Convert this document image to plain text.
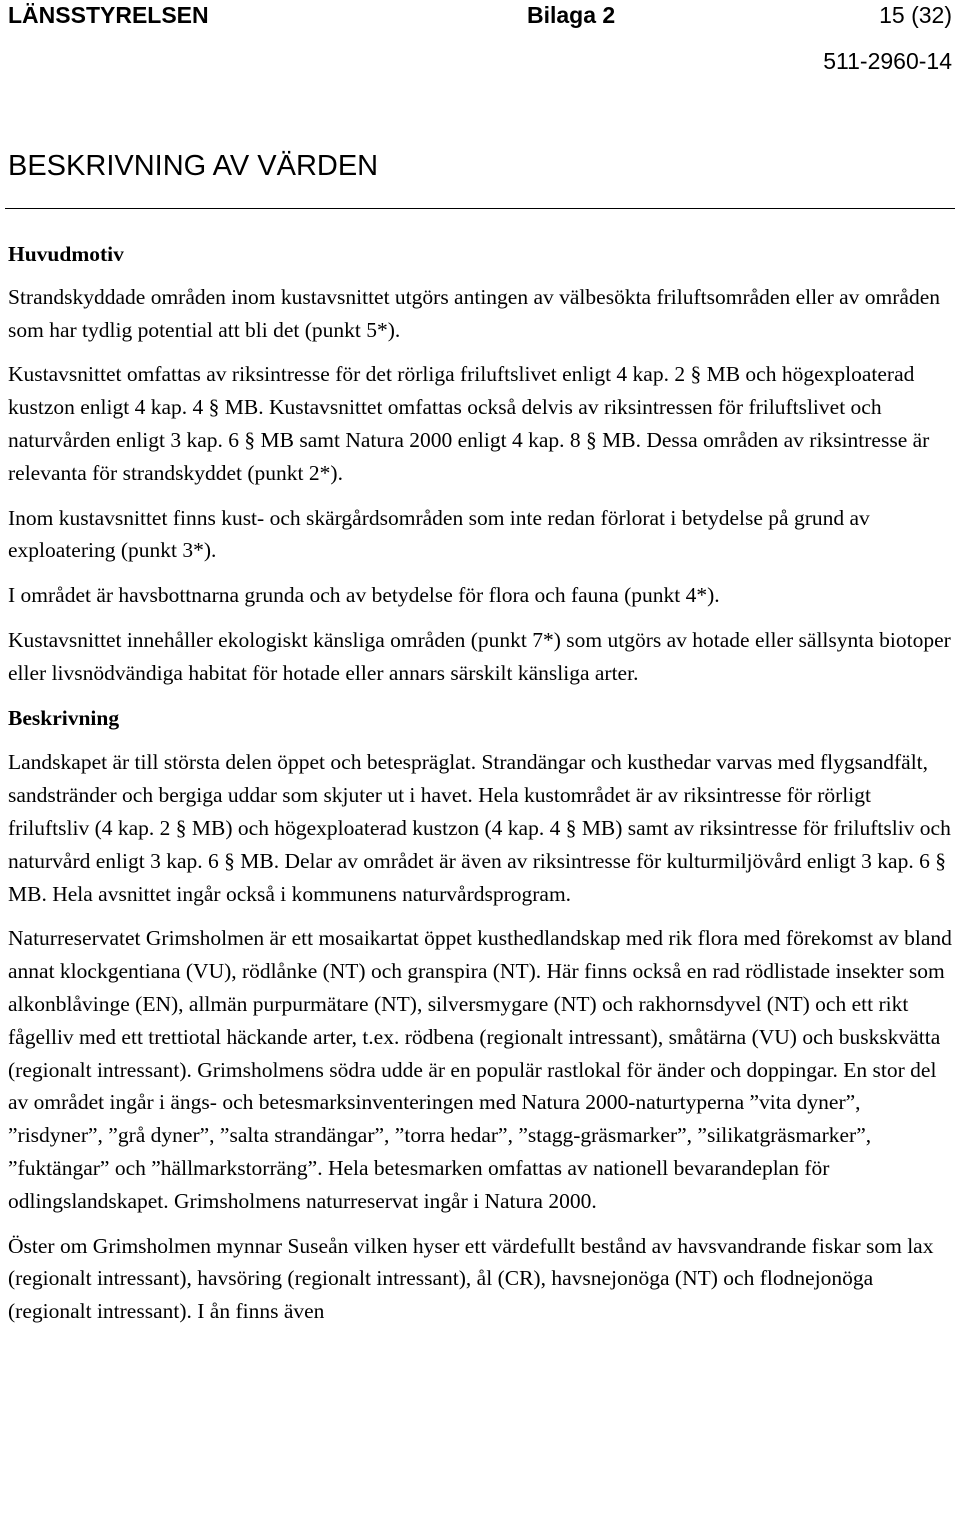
LÄNSSTYRELSEN	Bilaga 2	15 (32)
511-2960-14
BESKRIVNING AV VÄRDEN
Huvudmotiv

Strandskyddade områden inom kustavsnittet utgörs antingen av välbesökta friluftsområden eller av områden som har tydlig potential att bli det (punkt 5*).

Kustavsnittet omfattas av riksintresse för det rörliga friluftslivet enligt 4 kap. 2 § MB och högexploaterad kustzon enligt 4 kap. 4 § MB. Kustavsnittet omfattas också delvis av riksintressen för friluftslivet och naturvården enligt 3 kap. 6 § MB samt Natura 2000 enligt 4 kap. 8 § MB. Dessa områden av riksintresse är relevanta för strandskyddet (punkt 2*).

Inom kustavsnittet finns kust- och skärgårdsområden som inte redan förlorat i betydelse på grund av exploatering (punkt 3*).

I området är havsbottnarna grunda och av betydelse för flora och fauna (punkt 4*).

Kustavsnittet innehåller ekologiskt känsliga områden (punkt 7*) som utgörs av hotade eller sällsynta biotoper eller livsnödvändiga habitat för hotade eller annars särskilt känsliga arter.

Beskrivning

Landskapet är till största delen öppet och betespräglat. Strandängar och kusthedar varvas med flygsandfält, sandstränder och bergiga uddar som skjuter ut i havet. Hela kustområdet är av riksintresse för rörligt friluftsliv (4 kap. 2 § MB) och högexploaterad kustzon (4 kap. 4 § MB) samt av riksintresse för friluftsliv och naturvård enligt 3 kap. 6 § MB. Delar av området är även av riksintresse för kulturmiljövård enligt 3 kap. 6 § MB. Hela avsnittet ingår också i kommunens naturvårdsprogram.

Naturreservatet Grimsholmen är ett mosaikartat öppet kusthedlandskap med rik flora med förekomst av bland annat klockgentiana (VU), rödlånke (NT) och granspira (NT). Här finns också en rad rödlistade insekter som alkonblåvinge (EN), allmän purpurmätare (NT), silversmygare (NT) och rakhornsdyvel (NT) och ett rikt fågelliv med ett trettiotal häckande arter, t.ex. rödbena (regionalt intressant), småtärna (VU) och buskskvätta (regionalt intressant). Grimsholmens södra udde är en populär rastlokal för änder och doppingar. En stor del av området ingår i ängs- och betesmarksinventeringen med Natura 2000-naturtyperna ”vita dyner”, ”risdyner”, ”grå dyner”, ”salta strandängar”, ”torra hedar”, ”stagg-gräsmarker”, ”silikatgräsmarker”, ”fuktängar” och ”hällmarkstorräng”. Hela betesmarken omfattas av nationell bevarandeplan för odlingslandskapet. Grimsholmens naturreservat ingår i Natura 2000.

Öster om Grimsholmen mynnar Suseån vilken hyser ett värdefullt bestånd av havsvandrande fiskar som lax (regionalt intressant), havsöring (regionalt intressant), ål (CR), havsnejonöga (NT) och flodnejonöga (regionalt intressant). I ån finns även
